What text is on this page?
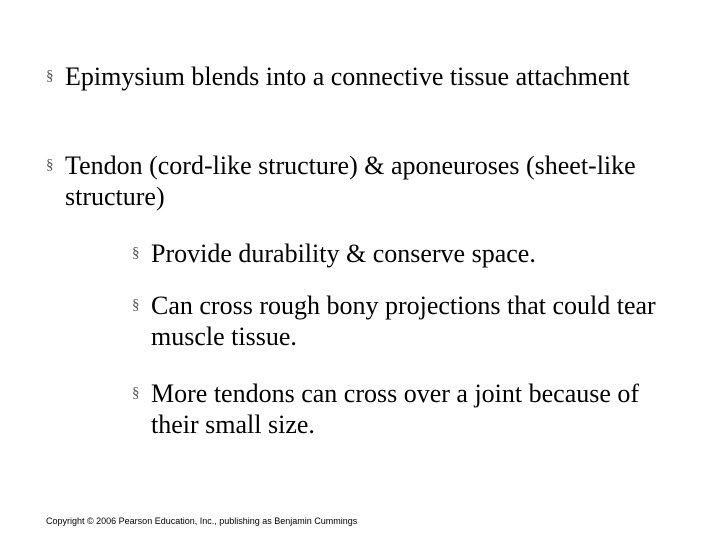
§ Epimysium blends into a connective tissue attachment
§ Tendon (cord-like structure) & aponeuroses (sheet-like structure)
§ Provide durability & conserve space.
§ Can cross rough bony projections that could tear muscle tissue.
§ More tendons can cross over a joint because of their small size.
Copyright © 2006 Pearson Education, Inc., publishing as Benjamin Cummings
